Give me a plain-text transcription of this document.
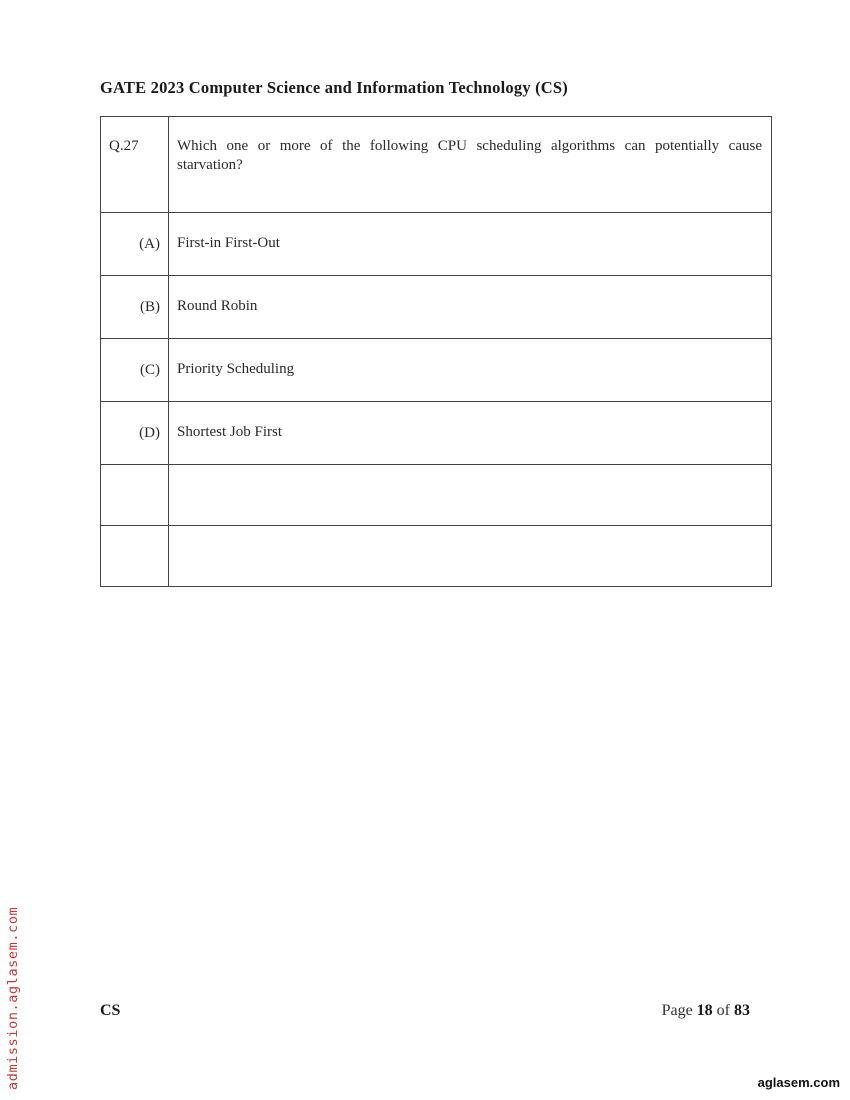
GATE 2023 Computer Science and Information Technology (CS)
Q.27	Which one or more of the following CPU scheduling algorithms can potentially cause starvation?
(A)	First-in First-Out
(B)	Round Robin
(C)	Priority Scheduling
(D)	Shortest Job First

CS	Page 18 of 83
admission.aglasem.com	aglasem.com
